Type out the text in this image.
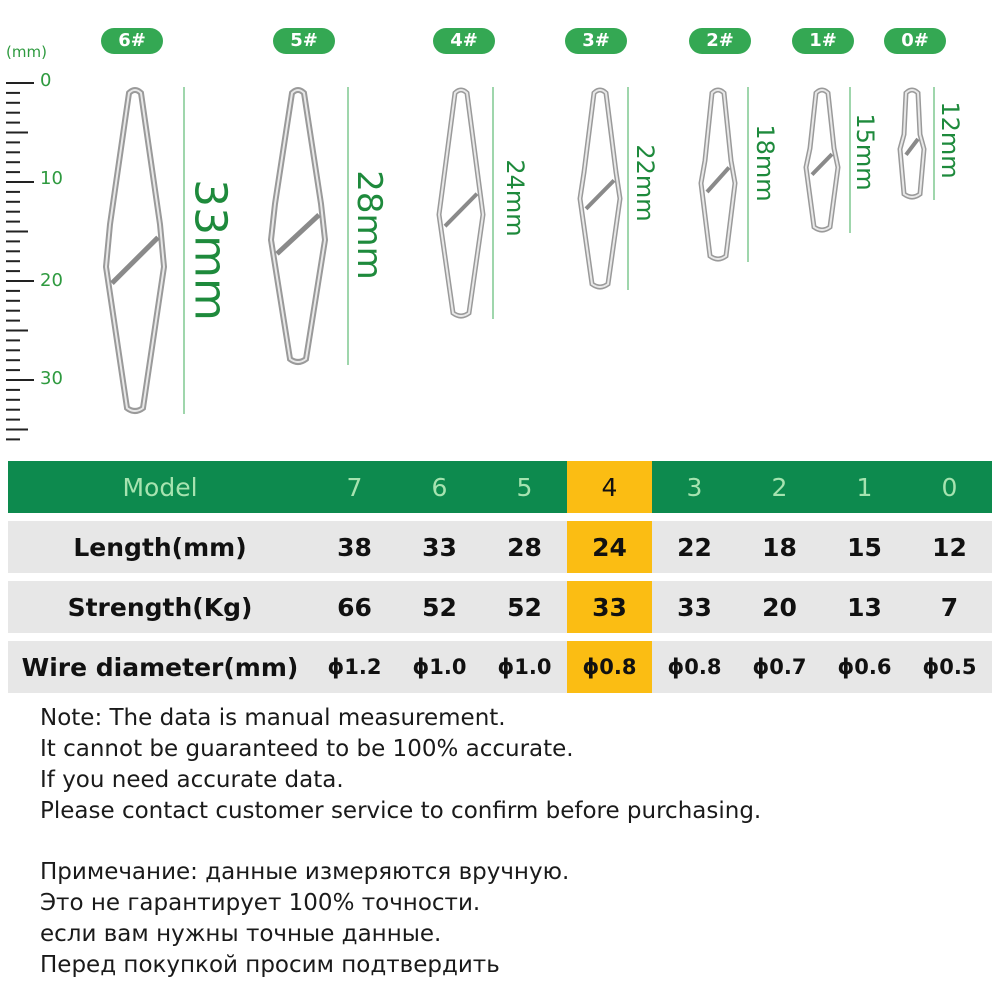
(mm)
0
10
20
30
6#	5#	4#	3#	2#	1#	0#
33mm	28mm	24mm	22mm	18mm	15mm 12mm
Model	7	6	5	4	3	2	1	0
Length(mm)	38	33	28	24	22	18	15	12
Strength(Kg)	66	52	52	33	33	20	13	7
Wire diameter(mm)	ϕ1.2	ϕ1.0	ϕ1.0	ϕ0.8	ϕ0.8	ϕ0.7	ϕ0.6	ϕ0.5

Note: The data is manual measurement.

It cannot be guaranteed to be 100% accurate.

If you need accurate data.

Please contact customer service to confirm before purchasing.

Примечание: данные измеряются вручную.

Это не гарантирует 100% точности.

если вам нужны точные данные.

Перед покупкой просим подтвердить
